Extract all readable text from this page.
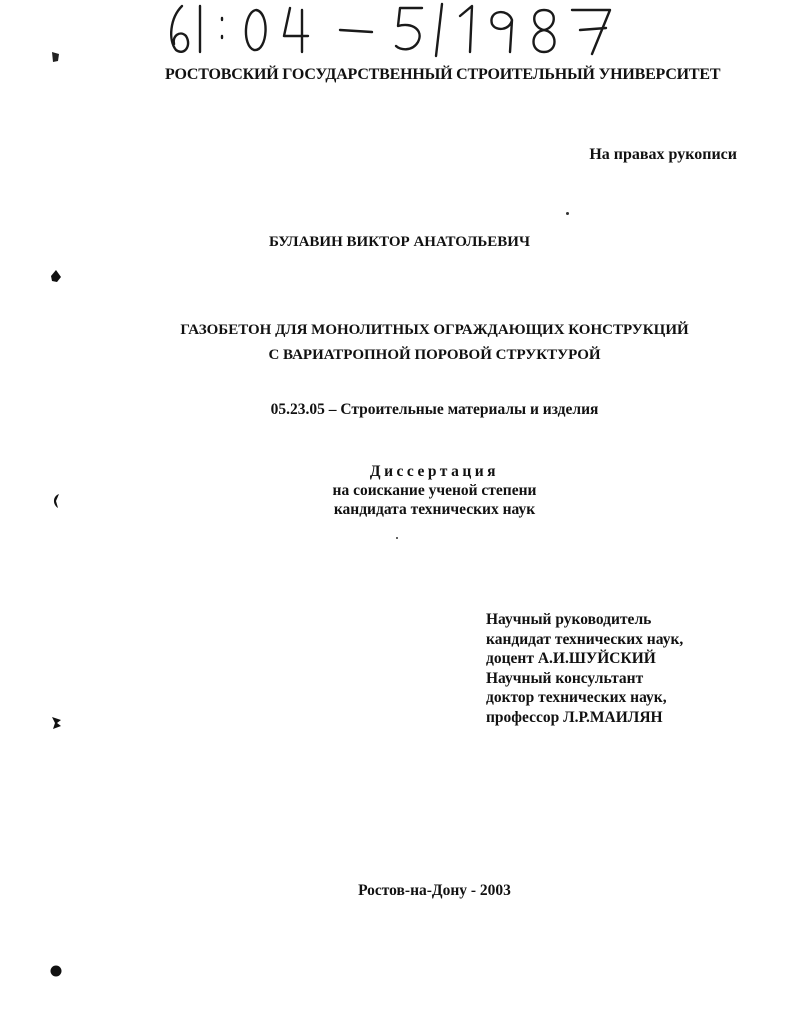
РОСТОВСКИЙ ГОСУДАРСТВЕННЫЙ СТРОИТЕЛЬНЫЙ УНИВЕРСИТЕТ
На правах рукописи
БУЛАВИН ВИКТОР АНАТОЛЬЕВИЧ
ГАЗОБЕТОН ДЛЯ МОНОЛИТНЫХ ОГРАЖДАЮЩИХ КОНСТРУКЦИЙ
С ВАРИАТРОПНОЙ ПОРОВОЙ СТРУКТУРОЙ
05.23.05 – Строительные материалы и изделия
Диссертация
на соискание ученой степени
кандидата технических наук
Научный руководитель
кандидат технических наук,
доцент А.И.ШУЙСКИЙ
Научный консультант
доктор технических наук,
профессор Л.Р.МАИЛЯН
Ростов-на-Дону - 2003
